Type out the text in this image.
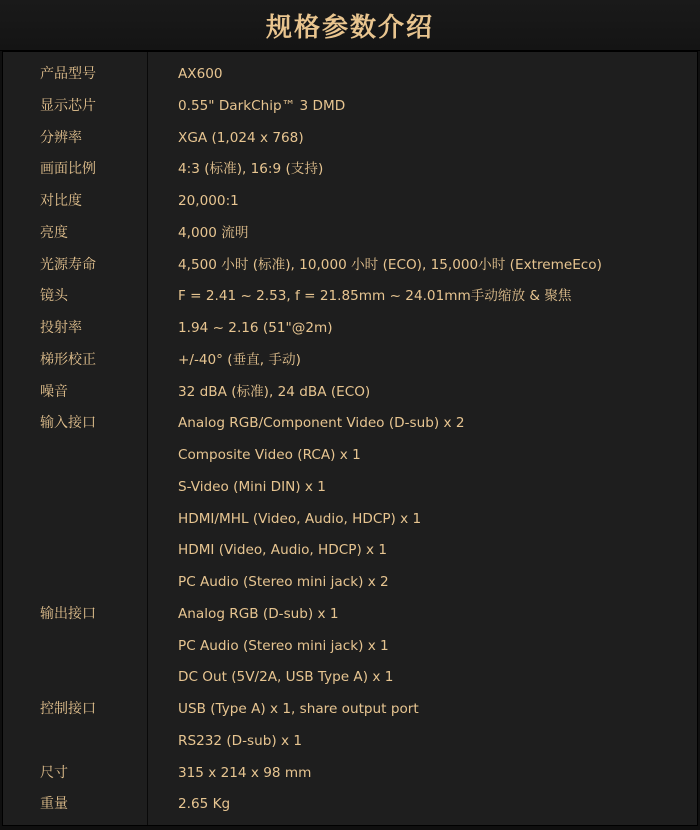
规格参数介绍
产品型号	AX600
显示芯片	0.55" DarkChip™ 3 DMD
分辨率	XGA (1,024 x 768)
画面比例	4:3 (标准), 16:9 (支持)
对比度	20,000:1
亮度	4,000 流明
光源寿命	4,500 小时 (标准), 10,000 小时 (ECO), 15,000小时 (ExtremeEco)
镜头	F = 2.41 ~ 2.53, f = 21.85mm ~ 24.01mm手动缩放 & 聚焦
投射率	1.94 ~ 2.16 (51"@2m)
梯形校正	+/-40° (垂直, 手动)
噪音	32 dBA (标准), 24 dBA (ECO)
输入接口	Analog RGB/Component Video (D-sub) x 2
Composite Video (RCA) x 1
S-Video (Mini DIN) x 1
HDMI/MHL (Video, Audio, HDCP) x 1
HDMI (Video, Audio, HDCP) x 1
PC Audio (Stereo mini jack) x 2
输出接口	Analog RGB (D-sub) x 1
PC Audio (Stereo mini jack) x 1
DC Out (5V/2A, USB Type A) x 1
控制接口	USB (Type A) x 1, share output port
RS232 (D-sub) x 1
尺寸	315 x 214 x 98 mm
重量	2.65 Kg
